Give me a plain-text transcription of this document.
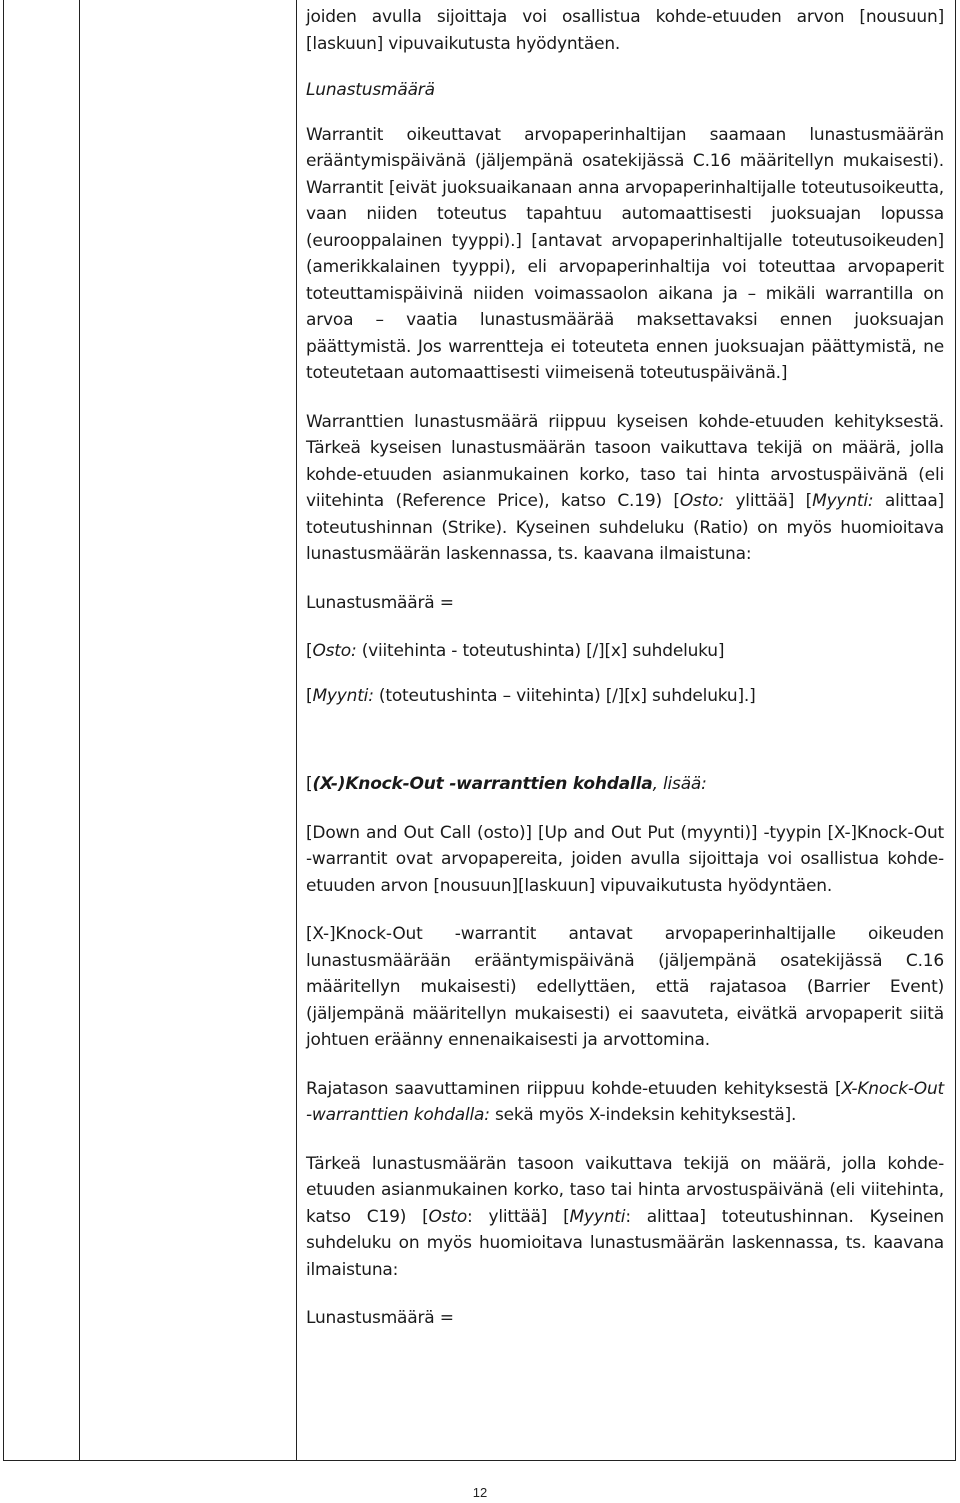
joiden avulla sijoittaja voi osallistua kohde-etuuden arvon [nousuun] [laskuun] vipuvaikutusta hyödyntäen.

Lunastusmäärä

Warrantit oikeuttavat arvopaperinhaltijan saamaan lunastusmäärän erääntymispäivänä (jäljempänä osatekijässä C.16 määritellyn mukaisesti). Warrantit [eivät juoksuaikanaan anna arvopaperinhaltijalle toteutusoikeutta, vaan niiden toteutus tapahtuu automaattisesti juoksuajan lopussa (eurooppalainen tyyppi).] [antavat arvopaperinhaltijalle toteutusoikeuden] (amerikkalainen tyyppi), eli arvopaperinhaltija voi toteuttaa arvopaperit toteuttamispäivinä niiden voimassaolon aikana ja – mikäli warrantilla on arvoa – vaatia lunastusmäärää maksettavaksi ennen juoksuajan päättymistä. Jos warrentteja ei toteuteta ennen juoksuajan päättymistä, ne toteutetaan automaattisesti viimeisenä toteutuspäivänä.]

Warranttien lunastusmäärä riippuu kyseisen kohde-etuuden kehityksestä. Tärkeä kyseisen lunastusmäärän tasoon vaikuttava tekijä on määrä, jolla kohde-etuuden asianmukainen korko, taso tai hinta arvostuspäivänä (eli viitehinta (Reference Price), katso C.19) [Osto: ylittää] [Myynti: alittaa] toteutushinnan (Strike). Kyseinen suhdeluku (Ratio) on myös huomioitava lunastusmäärän laskennassa, ts. kaavana ilmaistuna:

Lunastusmäärä =

[Osto: (viitehinta - toteutushinta) [/][x] suhdeluku]

[Myynti: (toteutushinta – viitehinta) [/][x] suhdeluku].]

[(X-)Knock-Out -warranttien kohdalla, lisää:

[Down and Out Call (osto)] [Up and Out Put (myynti)] -tyypin [X-]Knock-Out -warrantit ovat arvopapereita, joiden avulla sijoittaja voi osallistua kohde-etuuden arvon [nousuun][laskuun] vipuvaikutusta hyödyntäen.

[X-]Knock-Out -warrantit antavat arvopaperinhaltijalle oikeuden lunastusmäärään erääntymispäivänä (jäljempänä osatekijässä C.16 määritellyn mukaisesti) edellyttäen, että rajatasoa (Barrier Event) (jäljempänä määritellyn mukaisesti) ei saavuteta, eivätkä arvopaperit siitä johtuen eräänny ennenaikaisesti ja arvottomina.

Rajatason saavuttaminen riippuu kohde-etuuden kehityksestä [X-Knock-Out -warranttien kohdalla: sekä myös X-indeksin kehityksestä].

Tärkeä lunastusmäärän tasoon vaikuttava tekijä on määrä, jolla kohde-etuuden asianmukainen korko, taso tai hinta arvostuspäivänä (eli viitehinta, katso C19) [Osto: ylittää] [Myynti: alittaa] toteutushinnan. Kyseinen suhdeluku on myös huomioitava lunastusmäärän laskennassa, ts. kaavana ilmaistuna:

Lunastusmäärä =

12
